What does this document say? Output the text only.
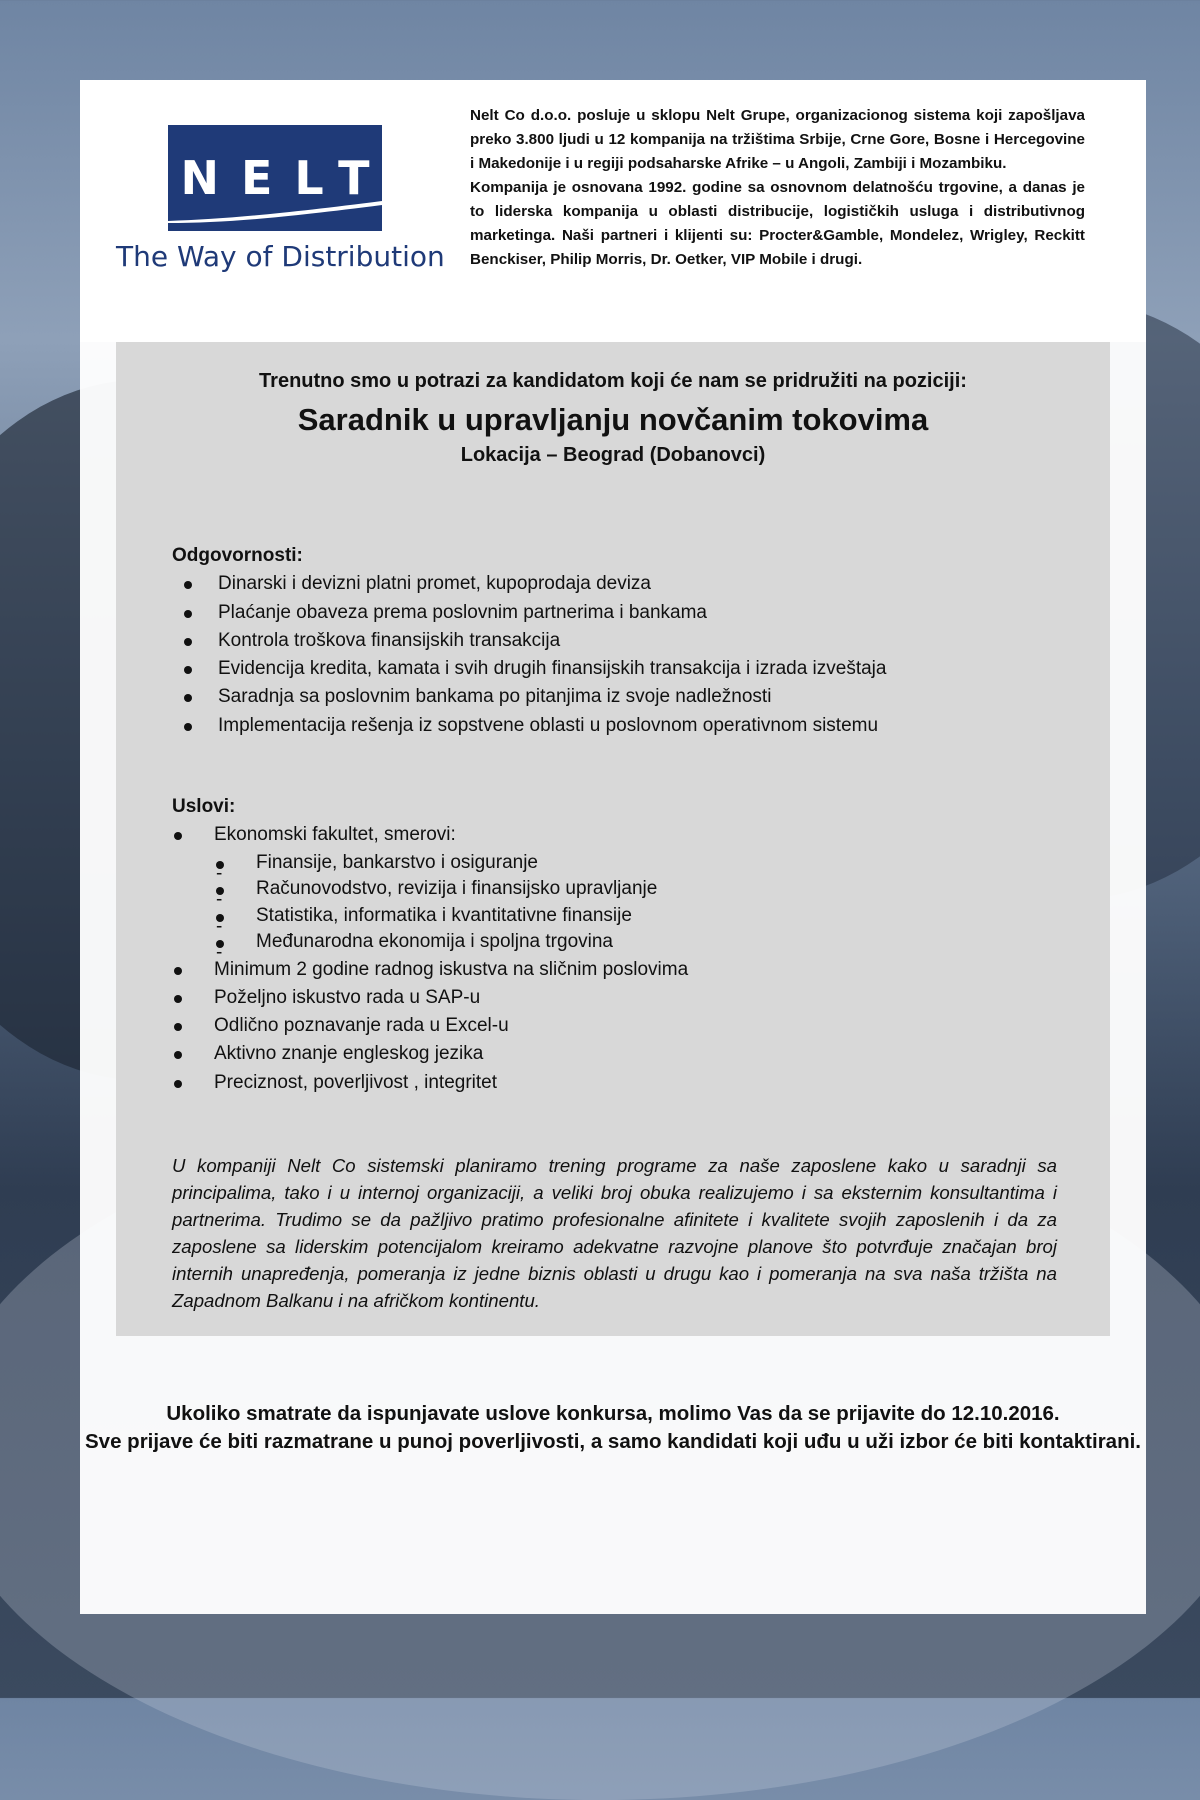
NELT
The Way of Distribution

Nelt Co d.o.o. posluje u sklopu Nelt Grupe, organizacionog sistema koji zapošljava preko 3.800 ljudi u 12 kompanija na tržištima Srbije, Crne Gore, Bosne i Hercegovine i Makedonije i u regiji podsaharske Afrike – u Angoli, Zambiji i Mozambiku.

Kompanija je osnovana 1992. godine sa osnovnom delatnošću trgovine, a danas je to liderska kompanija u oblasti distribucije, logističkih usluga i distributivnog marketinga. Naši partneri i klijenti su: Procter&Gamble, Mondelez, Wrigley, Reckitt Benckiser, Philip Morris, Dr. Oetker, VIP Mobile i drugi.

Trenutno smo u potrazi za kandidatom koji će nam se pridružiti na poziciji:
Saradnik u upravljanju novčanim tokovima
Lokacija – Beograd (Dobanovci)
Odgovornosti:
Dinarski i devizni platni promet, kupoprodaja deviza
Plaćanje obaveza prema poslovnim partnerima i bankama
Kontrola troškova finansijskih transakcija
Evidencija kredita, kamata i svih drugih finansijskih transakcija i izrada izveštaja
Saradnja sa poslovnim bankama po pitanjima iz svoje nadležnosti
Implementacija rešenja iz sopstvene oblasti u poslovnom operativnom sistemu
Uslovi:
Ekonomski fakultet, smerovi:
- Finansije, bankarstvo i osiguranje
- Računovodstvo, revizija i finansijsko upravljanje
- Statistika, informatika i kvantitativne finansije
- Međunarodna ekonomija i spoljna trgovina
Minimum 2 godine radnog iskustva na sličnim poslovima
Poželjno iskustvo rada u SAP-u
Odlično poznavanje rada u Excel-u
Aktivno znanje engleskog jezika
Preciznost, poverljivost , integritet
U kompaniji Nelt Co sistemski planiramo trening programe za naše zaposlene kako u saradnji sa principalima, tako i u internoj organizaciji, a veliki broj obuka realizujemo i sa eksternim konsultantima i partnerima. Trudimo se da pažljivo pratimo profesionalne afinitete i kvalitete svojih zaposlenih i da za zaposlene sa liderskim potencijalom kreiramo adekvatne razvojne planove što potvrđuje značajan broj internih unapređenja, pomeranja iz jedne biznis oblasti u drugu kao i pomeranja na sva naša tržišta na Zapadnom Balkanu i na afričkom kontinentu.
Ukoliko smatrate da ispunjavate uslove konkursa, molimo Vas da se prijavite do 12.10.2016.
Sve prijave će biti razmatrane u punoj poverljivosti, a samo kandidati koji uđu u uži izbor će biti kontaktirani.
